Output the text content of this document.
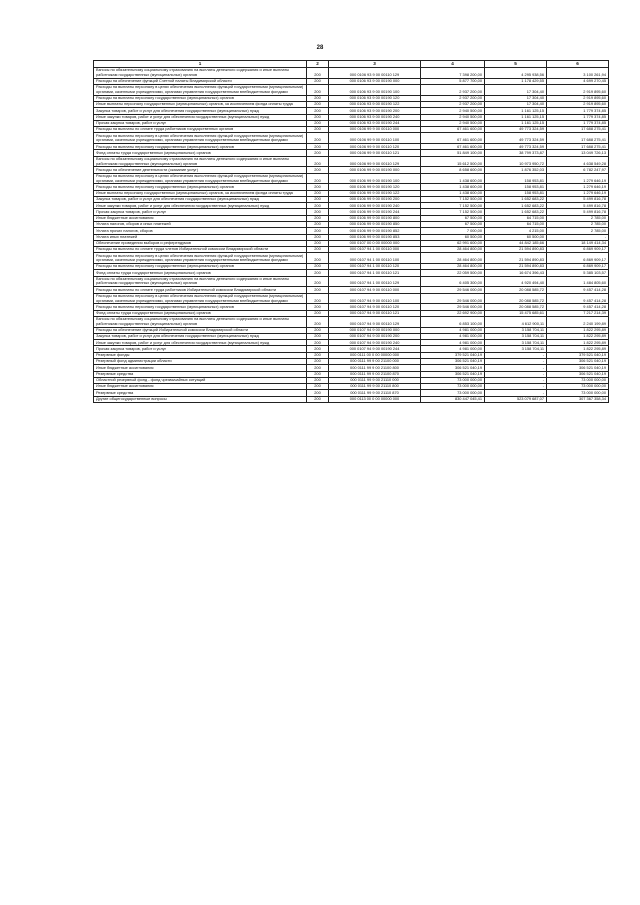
28
1	2	3	4	5	6
Взносы по обязательному социальному страхованию на выплаты денежного содержания и иные выплаты работникам государственных (муниципальных) органов	200	000 0106 93 9 00 00110 129	7 398 200,00	4 295 938,56	3 100 261,94
Расходы на обеспечение функций Счетной палаты Владимирской области	200	000 0106 93 9 00 00190 000	5 877 700,00	1 178 429,55	4 699 270,45
Расходы на выплаты персоналу в целях обеспечения выполнения функций государственными (муниципальными) органами, казенными учреждениями, органами управления государственными внебюджетными фондами	200	000 0106 93 9 00 00190 100	2 937 200,00	17 304,40	2 919 895,60
Расходы на выплаты персоналу государственных (муниципальных) органов	200	000 0106 93 9 00 00190 120	2 937 200,00	17 304,40	2 919 895,60
Иные выплаты персоналу государственных (муниципальных) органов, за исключением фонда оплаты труда	200	000 0106 93 9 00 00190 122	2 937 200,00	17 304,40	2 919 895,60
Закупка товаров, работ и услуг для обеспечения государственных (муниципальных) нужд	200	000 0106 93 9 00 00190 200	2 940 500,00	1 161 125,15	1 779 374,85
Иные закупки товаров, работ и услуг для обеспечения государственных (муниципальных) нужд	200	000 0106 93 9 00 00190 240	2 940 500,00	1 161 125,15	1 779 374,85
Прочая закупка товаров, работ и услуг	200	000 0106 93 9 00 00190 244	2 940 500,00	1 161 125,15	1 779 374,85
Расходы на выплаты по оплате труда работников государственных органов	200	000 0106 99 9 00 00110 000	67 461 600,00	49 773 324,59	17 688 275,41
Расходы на выплаты персоналу в целях обеспечения выполнения функций государственными (муниципальными) органами, казенными учреждениями, органами управления государственными внебюджетными фондами	200	000 0106 99 9 00 00110 100	67 461 600,00	49 773 324,59	17 688 275,41
Расходы на выплаты персоналу государственных (муниципальных) органов	200	000 0106 99 9 00 00110 120	67 461 600,00	49 773 324,59	17 688 275,41
Фонд оплаты труда государственных (муниципальных) органов	200	000 0106 99 9 00 00110 121	51 849 100,00	38 799 373,87	13 049 726,13
Взносы по обязательному социальному страхованию на выплаты денежного содержания и иные выплаты работникам государственных (муниципальных) органов	200	000 0106 99 9 00 00110 129	15 612 500,00	10 973 950,72	4 638 549,28
Расходы на обеспечение деятельности (оказание услуг)	200	000 0106 99 9 00 00190 000	8 658 600,00	1 876 352,03	6 782 247,97
Расходы на выплаты персоналу в целях обеспечения выполнения функций государственными (муниципальными) органами, казенными учреждениями, органами управления государственными внебюджетными фондами	200	000 0106 99 9 00 00190 100	1 438 600,00	158 953,81	1 279 646,19
Расходы на выплаты персоналу государственных (муниципальных) органов	200	000 0106 99 9 00 00190 120	1 438 600,00	158 953,81	1 279 646,19
Иные выплаты персоналу государственных (муниципальных) органов, за исключением фонда оплаты труда	200	000 0106 99 9 00 00190 122	1 438 600,00	158 953,81	1 279 646,19
Закупка товаров, работ и услуг для обеспечения государственных (муниципальных) нужд	200	000 0106 99 9 00 00190 200	7 152 500,00	1 652 683,22	5 499 816,78
Иные закупки товаров, работ и услуг для обеспечения государственных (муниципальных) нужд	200	000 0106 99 9 00 00190 240	7 152 500,00	1 652 683,22	5 499 816,78
Прочая закупка товаров, работ и услуг	200	000 0106 99 9 00 00190 244	7 152 500,00	1 652 683,22	5 499 816,78
Иные бюджетные ассигнования	200	000 0106 99 9 00 00190 800	67 500,00	64 715,00	2 785,00
Уплата налогов, сборов и иных платежей	200	000 0106 99 9 00 00190 850	67 500,00	64 715,00	2 785,00
Уплата прочих налогов, сборов	200	000 0106 99 9 00 00190 852	7 000,00	4 215,00	2 785,00
Уплата иных платежей	200	000 0106 99 9 00 00190 853	60 500,00	60 500,00	-
Обеспечение проведения выборов и референдумов	200	000 0107 00 0 00 00000 000	62 991 600,00	44 842 185,66	18 149 414,34
Расходы на выплаты по оплате труда членов Избирательной комиссии Владимирской области	200	000 0107 94 1 00 00110 000	28 464 800,00	21 594 890,83	6 869 909,17
Расходы на выплаты персоналу в целях обеспечения выполнения функций государственными (муниципальными) органами, казенными учреждениями, органами управления государственными внебюджетными фондами	200	000 0107 94 1 00 00110 100	28 464 800,00	21 594 890,83	6 869 909,17
Расходы на выплаты персоналу государственных (муниципальных) органов	200	000 0107 94 1 00 00110 120	28 464 800,00	21 594 890,83	6 869 909,17
Фонд оплаты труда государственных (муниципальных) органов	200	000 0107 94 1 00 00110 121	22 059 500,00	16 674 396,43	5 385 103,57
Взносы по обязательному социальному страхованию на выплаты денежного содержания и иные выплаты работникам государственных (муниципальных) органов	200	000 0107 94 1 00 00110 129	6 405 300,00	4 920 494,40	1 484 805,60
Расходы на выплаты по оплате труда работников Избирательной комиссии Владимирской области	200	000 0107 94 9 00 00110 000	29 546 000,00	20 088 585,72	9 457 414,28
Расходы на выплаты персоналу в целях обеспечения выполнения функций государственными (муниципальными) органами, казенными учреждениями, органами управления государственными внебюджетными фондами	200	000 0107 94 9 00 00110 100	29 546 000,00	20 088 585,72	9 457 414,28
Расходы на выплаты персоналу государственных (муниципальных) органов	200	000 0107 94 9 00 00110 120	29 546 000,00	20 088 585,72	9 457 414,28
Фонд оплаты труда государственных (муниципальных) органов	200	000 0107 94 9 00 00110 121	22 692 900,00	15 475 685,61	7 217 214,39
Взносы по обязательному социальному страхованию на выплаты денежного содержания и иные выплаты работникам государственных (муниципальных) органов	200	000 0107 94 9 00 00110 129	6 853 100,00	4 612 900,11	2 240 199,89
Расходы на обеспечение функций Избирательной комиссии Владимирской области	200	000 0107 94 9 00 00190 000	4 981 000,00	3 158 704,11	1 822 295,89
Закупка товаров, работ и услуг для обеспечения государственных (муниципальных) нужд	200	000 0107 94 9 00 00190 200	4 981 000,00	3 158 704,11	1 822 295,89
Иные закупки товаров, работ и услуг для обеспечения государственных (муниципальных) нужд	200	000 0107 94 9 00 00190 240	4 981 000,00	3 158 704,11	1 822 295,89
Прочая закупка товаров, работ и услуг	200	000 0107 94 9 00 00190 244	4 981 000,00	3 158 704,11	1 822 295,89
Резервные фонды	200	000 0111 00 0 00 00000 000	379 521 040,19	-	379 521 040,19
Резервный фонд администрации области	200	000 0111 99 9 00 21100 000	306 521 040,19	-	306 521 040,19
Иные бюджетные ассигнования	200	000 0111 99 9 00 21100 800	306 521 040,19	-	306 521 040,19
Резервные средства	200	000 0111 99 9 00 21100 870	306 521 040,19	-	306 521 040,19
Областной резервный фонд - фонд чрезвычайных ситуаций	200	000 0111 99 9 00 21110 000	73 000 000,00	-	73 000 000,00
Иные бюджетные ассигнования	200	000 0111 99 9 00 21110 800	73 000 000,00	-	73 000 000,00
Резервные средства	200	000 0111 99 9 00 21110 870	73 000 000,00	-	73 000 000,00
Другие общегосударственные вопросы	200	000 0113 00 0 00 00000 000	830 447 045,41	523 079 687,07	307 367 358,34
